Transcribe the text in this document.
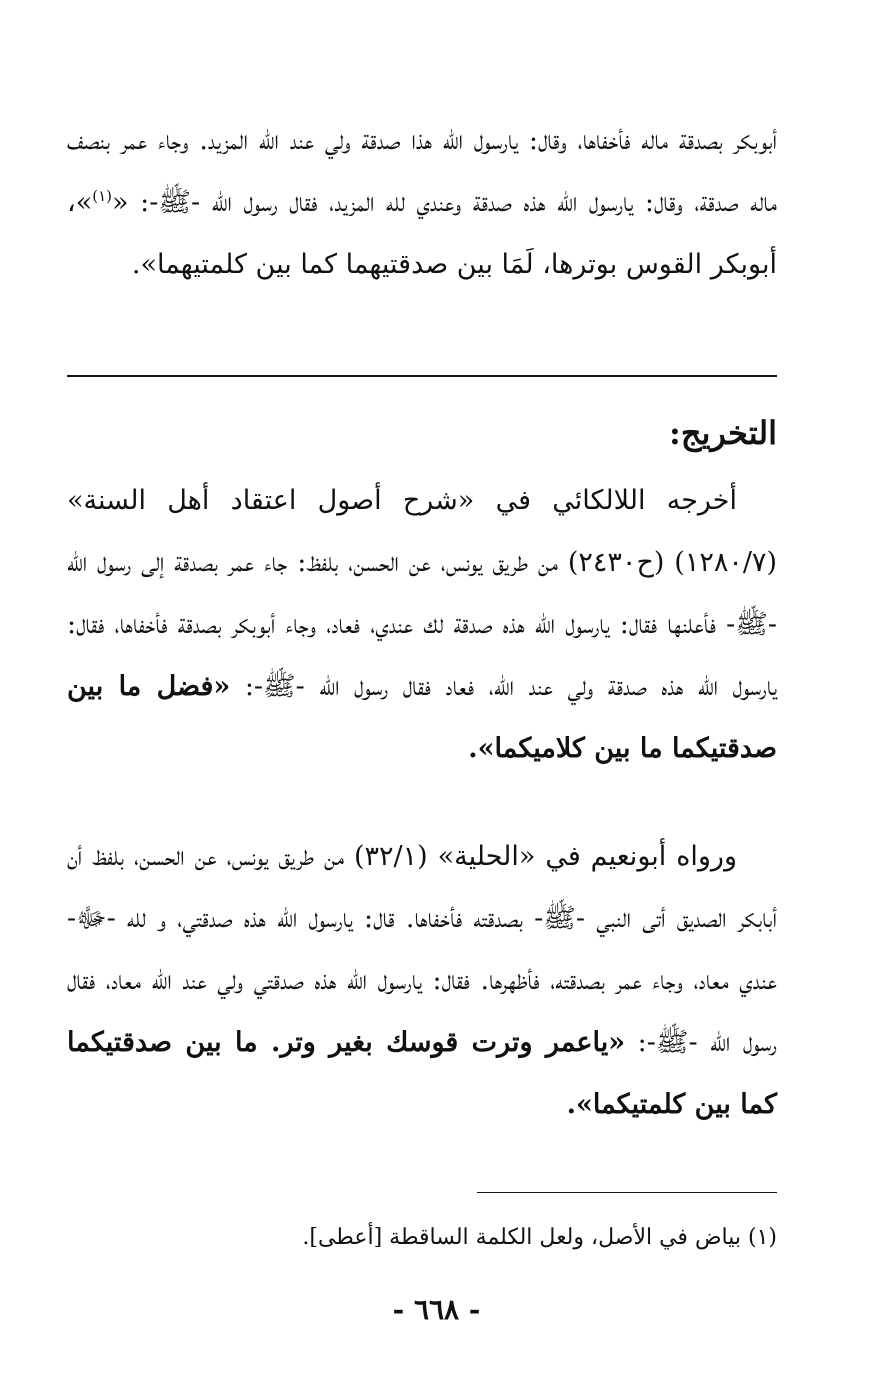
أبوبكر بصدقة ماله فأخفاها، وقال: يارسول اللّه هذا صدقة ولي عند اللّه المزيد. وجاء عمر بنصف ماله صدقة، وقال: يارسول اللّه هذه صدقة وعندي لله المزيد، فقال رسول اللّه -ﷺ-: «$^{(١)}$»، أبوبكر القوس بوترها، لَمَا بين صدقتيهما كما بين كلمتيهما».
التخريج:
أخرجه اللالكائي في «شرح أصول اعتقاد أهل السنة» (١٢٨٠/٧) (ح٢٤٣٠) من طريق يونس، عن الحسن، بلفظ: جاء عمر بصدقة إلى رسول اللّه -ﷺ- فأعلنها فقال: يارسول اللّه هذه صدقة لك عندي، فعاد، وجاء أبوبكر بصدقة فأخفاها، فقال: يارسول اللّه هذه صدقة ولي عند اللّه، فعاد فقال رسول اللّه -ﷺ-: «فضل ما بين صدقتيكما ما بين كلاميكما».
ورواه أبونعيم في «الحلية» (٣٢/١) من طريق يونس، عن الحسن، بلفظ أن أبابكر الصديق أتى النبي -ﷺ- بصدقته فأخفاها. قال: يارسول اللّه هذه صدقتي، و لله -ﷻ- عندي معاد، وجاء عمر بصدقته، فأظهرها. فقال: يارسول اللّه هذه صدقتي ولي عند اللّه معاد، فقال رسول اللّه -ﷺ-: «ياعمر وترت قوسك بغير وتر. ما بين صدقتيكما كما بين كلمتيكما».
(١) بياض في الأصل، ولعل الكلمة الساقطة [أعطى].
- ٦٦٨ -
